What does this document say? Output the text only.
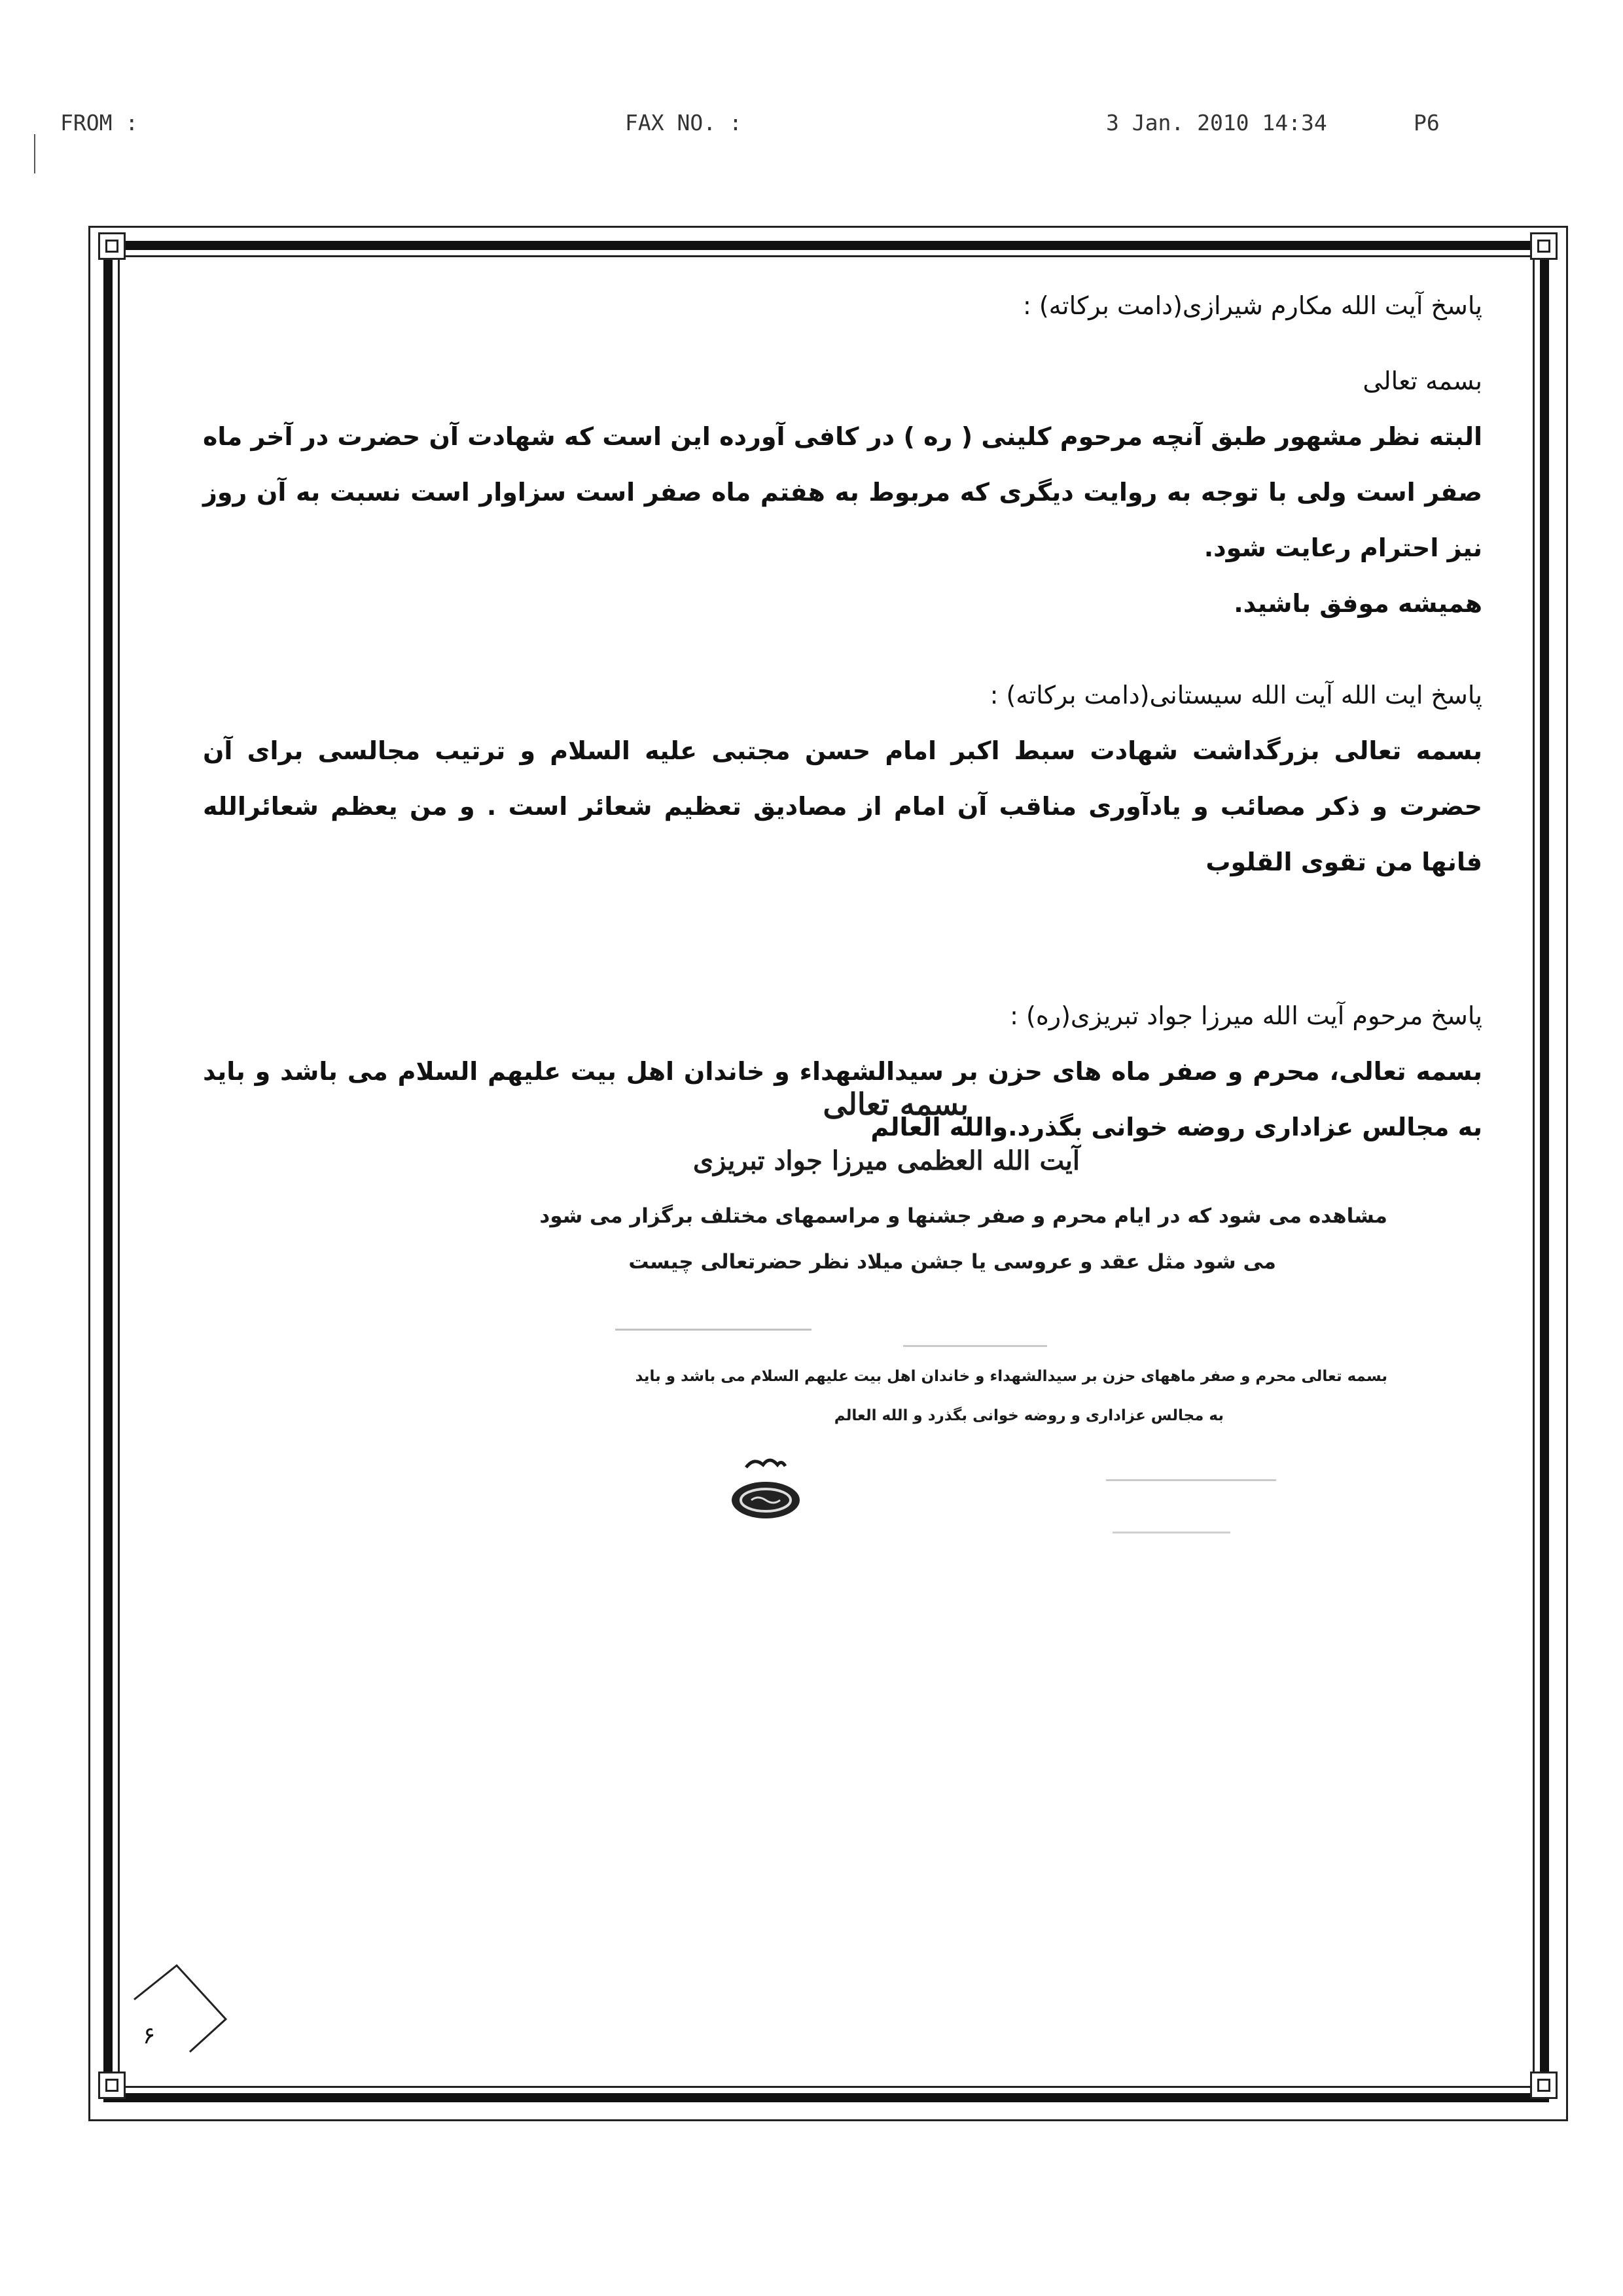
FROM :	FAX NO. :	3 Jan. 2010 14:34	P6

پاسخ آیت الله مکارم شیرازی(دامت برکاته) :

بسمه تعالی

البته نظر مشهور طبق آنچه مرحوم کلینی ( ره ) در کافی آورده این است که شهادت آن حضرت در آخر ماه صفر است ولی با توجه به روایت دیگری که مربوط به هفتم ماه صفر است سزاوار است نسبت به آن روز نیز احترام رعایت شود.

همیشه موفق باشید.

پاسخ ایت الله آیت الله سیستانی(دامت برکاته) :

بسمه تعالی بزرگداشت شهادت سبط اکبر امام حسن مجتبی علیه السلام و ترتیب مجالسی برای آن حضرت و ذکر مصائب و یادآوری مناقب آن امام از مصادیق تعظیم شعائر است . و من یعظم شعائرالله فانها من تقوی القلوب

پاسخ مرحوم آیت الله میرزا جواد تبریزی(ره) :

بسمه تعالی، محرم و صفر ماه های حزن بر سیدالشهداء و خاندان اهل بیت علیهم السلام می باشد و باید به مجالس عزاداری روضه خوانی بگذرد.والله العالم

بسمه تعالی
آیت الله العظمی میرزا جواد تبریزی
مشاهده می شود که در ایام محرم و صفر جشنها و مراسمهای مختلف برگزار می شود
می شود مثل عقد و عروسی یا جشن میلاد نظر حضرتعالی چیست
بسمه تعالی محرم و صفر ماههای حزن بر سیدالشهداء و خاندان اهل بیت علیهم السلام می باشد و باید
به مجالس عزاداری و روضه خوانی بگذرد و الله العالم
۶
